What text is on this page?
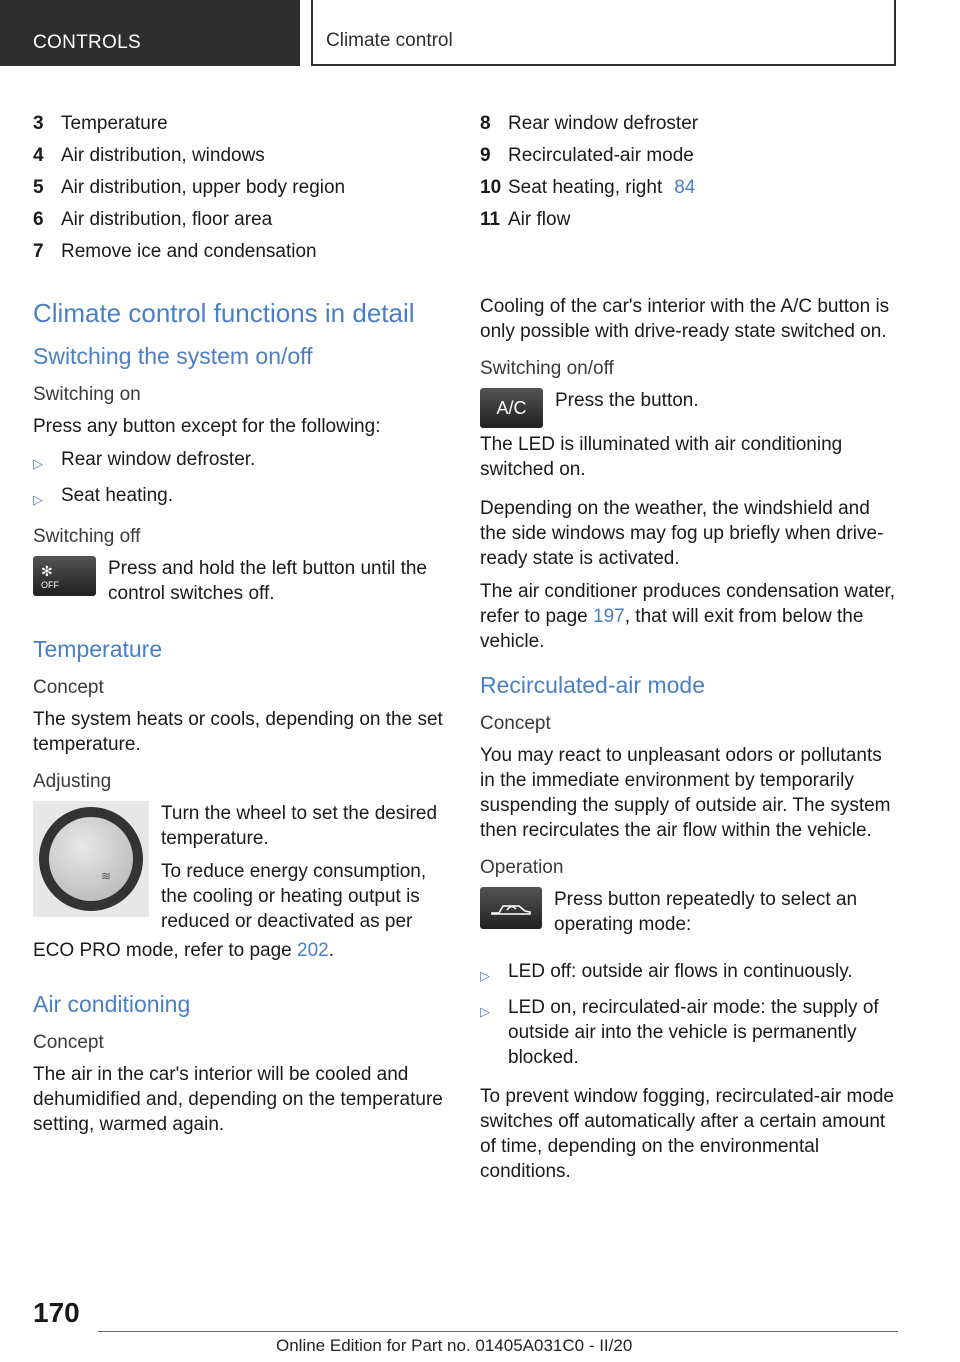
CONTROLS	Climate control
3 Temperature
4 Air distribution, windows
5 Air distribution, upper body region
6 Air distribution, floor area
7 Remove ice and condensation
Climate control functions in detail
Switching the system on/off
Switching on

Press any button except for the following:

▷ Rear window defroster.
▷ Seat heating.
Switching off
✻
OFF

Press and hold the left button until the control switches off.

Temperature
Concept

The system heats or cools, depending on the set temperature.

Adjusting
≋

Turn the wheel to set the desired temperature.

To reduce energy consumption, the cooling or heating output is reduced or deactivated as per

ECO PRO mode, refer to page 202.

Air conditioning
Concept

The air in the car's interior will be cooled and dehumidified and, depending on the temperature setting, warmed again.

8 Rear window defroster
9 Recirculated-air mode
10 Seat heating, right 84
11 Air flow

Cooling of the car's interior with the A/C button is only possible with drive-ready state switched on.

Switching on/off
A/C	Press the button.

The LED is illuminated with air conditioning switched on.

Depending on the weather, the windshield and the side windows may fog up briefly when drive-ready state is activated.

The air conditioner produces condensation water, refer to page 197, that will exit from below the vehicle.

Recirculated-air mode
Concept

You may react to unpleasant odors or pollutants in the immediate environment by temporarily suspending the supply of outside air. The system then recirculates the air flow within the vehicle.

Operation

Press button repeatedly to select an operating mode:

▷ LED off: outside air flows in continuously.
▷ LED on, recirculated-air mode: the supply of outside air into the vehicle is permanently blocked.

To prevent window fogging, recirculated-air mode switches off automatically after a certain amount of time, depending on the environmental conditions.

170
Online Edition for Part no. 01405A031C0 - II/20
